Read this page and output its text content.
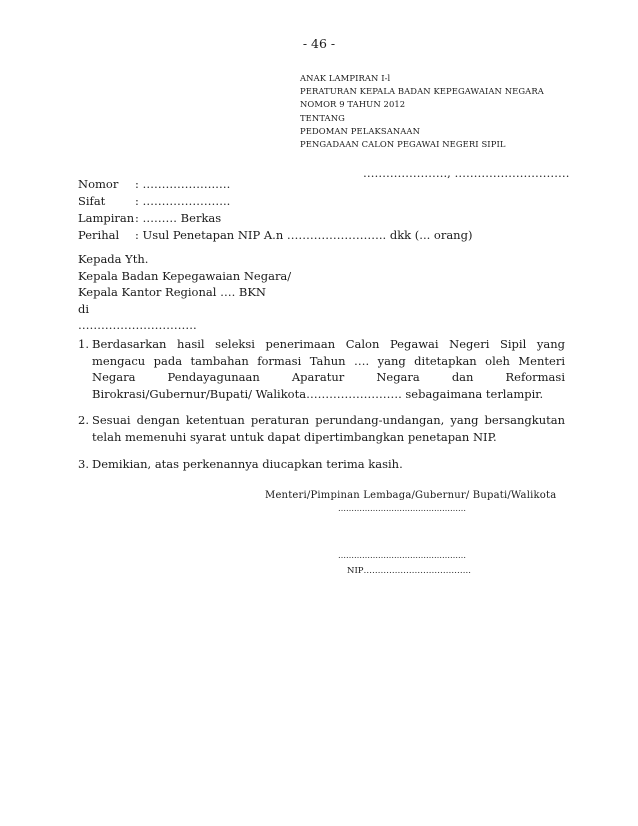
- 46 -
ANAK LAMPIRAN I-l
PERATURAN KEPALA BADAN KEPEGAWAIAN NEGARA
NOMOR 9 TAHUN 2012
TENTANG
PEDOMAN PELAKSANAAN
PENGADAAN CALON PEGAWAI NEGERI SIPIL
…………………., …………………………
Nomor	: ……………….….
Sifat	: …………………..
Lampiran : ……… Berkas
Perihal	: Usul Penetapan NIP A.n …………………….. dkk (... orang)
Kepada Yth.
Kepala Badan Kepegawaian Negara/
Kepala Kantor Regional …. BKN
di
………………………….
1. Berdasarkan hasil seleksi penerimaan Calon Pegawai Negeri Sipil yang mengacu pada tambahan formasi Tahun …. yang ditetapkan oleh Menteri Negara Pendayagunaan Aparatur Negara dan Reformasi Birokrasi/Gubernur/Bupati/ Walikota……………………. sebagaimana terlampir.
2. Sesuai dengan ketentuan peraturan perundang-undangan, yang bersangkutan telah memenuhi syarat untuk dapat dipertimbangkan penetapan NIP.
3. Demikian, atas perkenannya diucapkan terima kasih.
Menteri/Pimpinan Lembaga/Gubernur/ Bupati/Walikota
…………………………………………
…………………………………………
NIP………………………………..
